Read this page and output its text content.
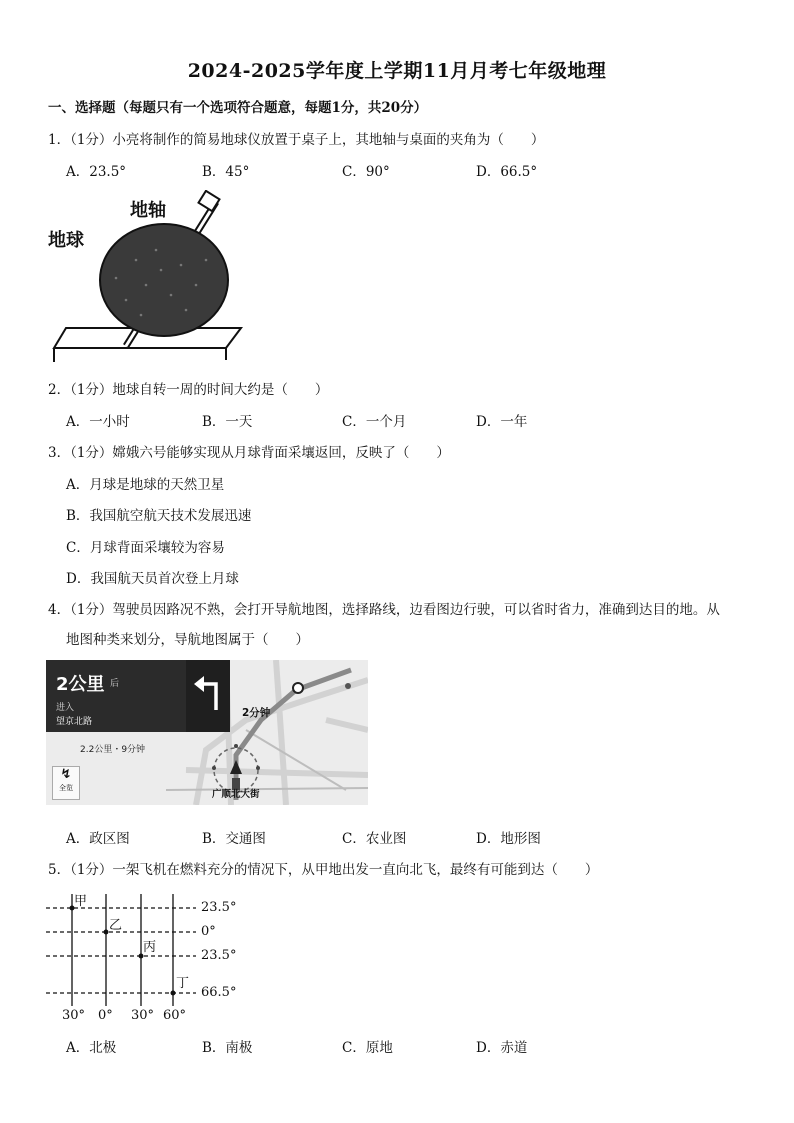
2024-2025学年度上学期11月月考七年级地理
一、选择题（每题只有一个选项符合题意，每题1分，共20分）
1．（1分）小亮将制作的简易地球仪放置于桌子上，其地轴与桌面的夹角为（　　）
A．23.5°	B．45°	C．90°	D．66.5°
地轴
地球
2．（1分）地球自转一周的时间大约是（　　）
A．一小时	B．一天	C．一个月	D．一年
3．（1分）嫦娥六号能够实现从月球背面采壤返回，反映了（　　）
A．月球是地球的天然卫星
B．我国航空航天技术发展迅速
C．月球背面采壤较为容易
D．我国航天员首次登上月球
4．（1分）驾驶员因路况不熟，会打开导航地图，选择路线，边看图边行驶，可以省时省力，准确到达目的地。从
地图种类来划分，导航地图属于（　　）
2公里 后
进入
望京北路
2.2公里・9分钟
2分钟
广顺北大街
↯
全览
A．政区图	B．交通图	C．农业图	D．地形图
5．（1分）一架飞机在燃料充分的情况下，从甲地出发一直向北飞，最终有可能到达（　　）
甲
乙
丙
丁
23.5°
0°
23.5°
66.5°
30° 0° 30° 60°
A．北极	B．南极	C．原地	D．赤道
